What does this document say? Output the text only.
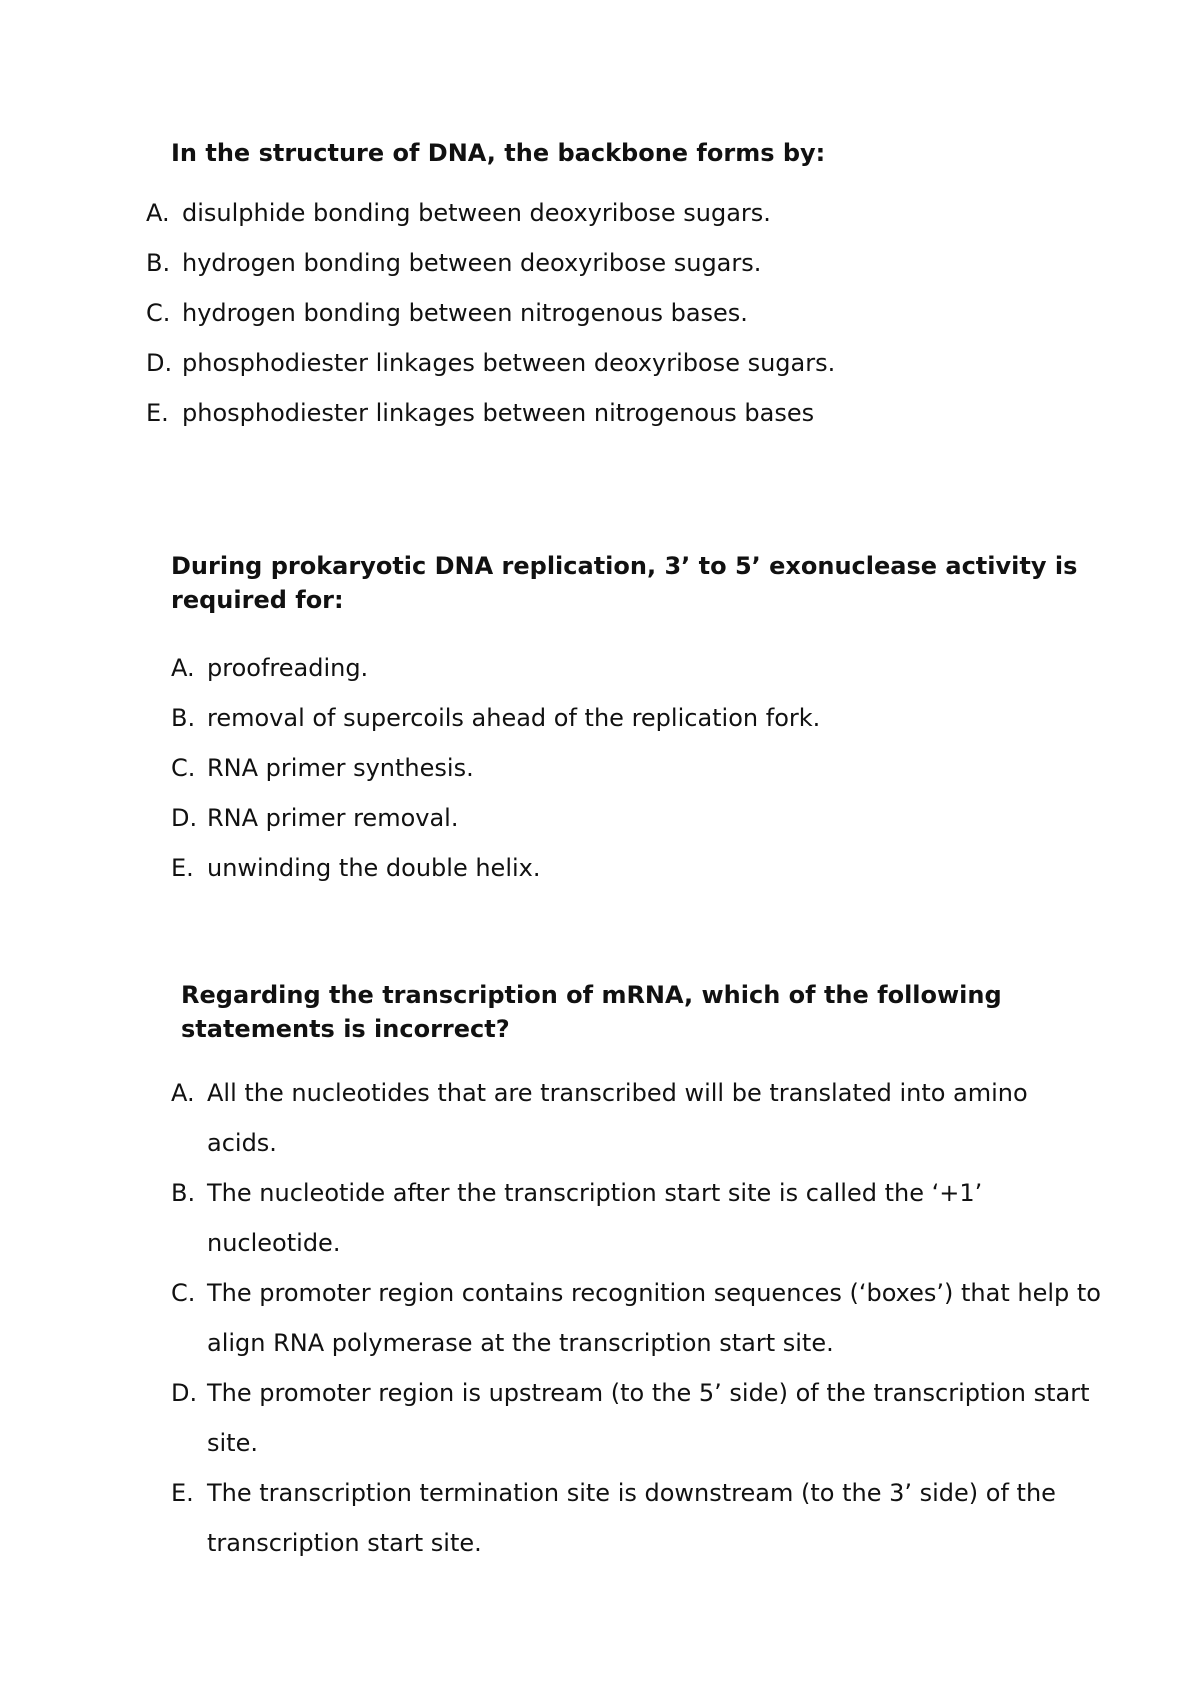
In the structure of DNA, the backbone forms by:

A. disulphide bonding between deoxyribose sugars.
B. hydrogen bonding between deoxyribose sugars.
C. hydrogen bonding between nitrogenous bases.
D. phosphodiester linkages between deoxyribose sugars.
E. phosphodiester linkages between nitrogenous bases

During prokaryotic DNA replication, 3’ to 5’ exonuclease activity is required for:

A. proofreading.
B. removal of supercoils ahead of the replication fork.
C. RNA primer synthesis.
D. RNA primer removal.
E. unwinding the double helix.

Regarding the transcription of mRNA, which of the following statements is incorrect?

A. All the nucleotides that are transcribed will be translated into amino acids.
B. The nucleotide after the transcription start site is called the ‘+1’ nucleotide.
C. The promoter region contains recognition sequences (‘boxes’) that help to align RNA polymerase at the transcription start site.
D. The promoter region is upstream (to the 5’ side) of the transcription start site.
E. The transcription termination site is downstream (to the 3’ side) of the transcription start site.
